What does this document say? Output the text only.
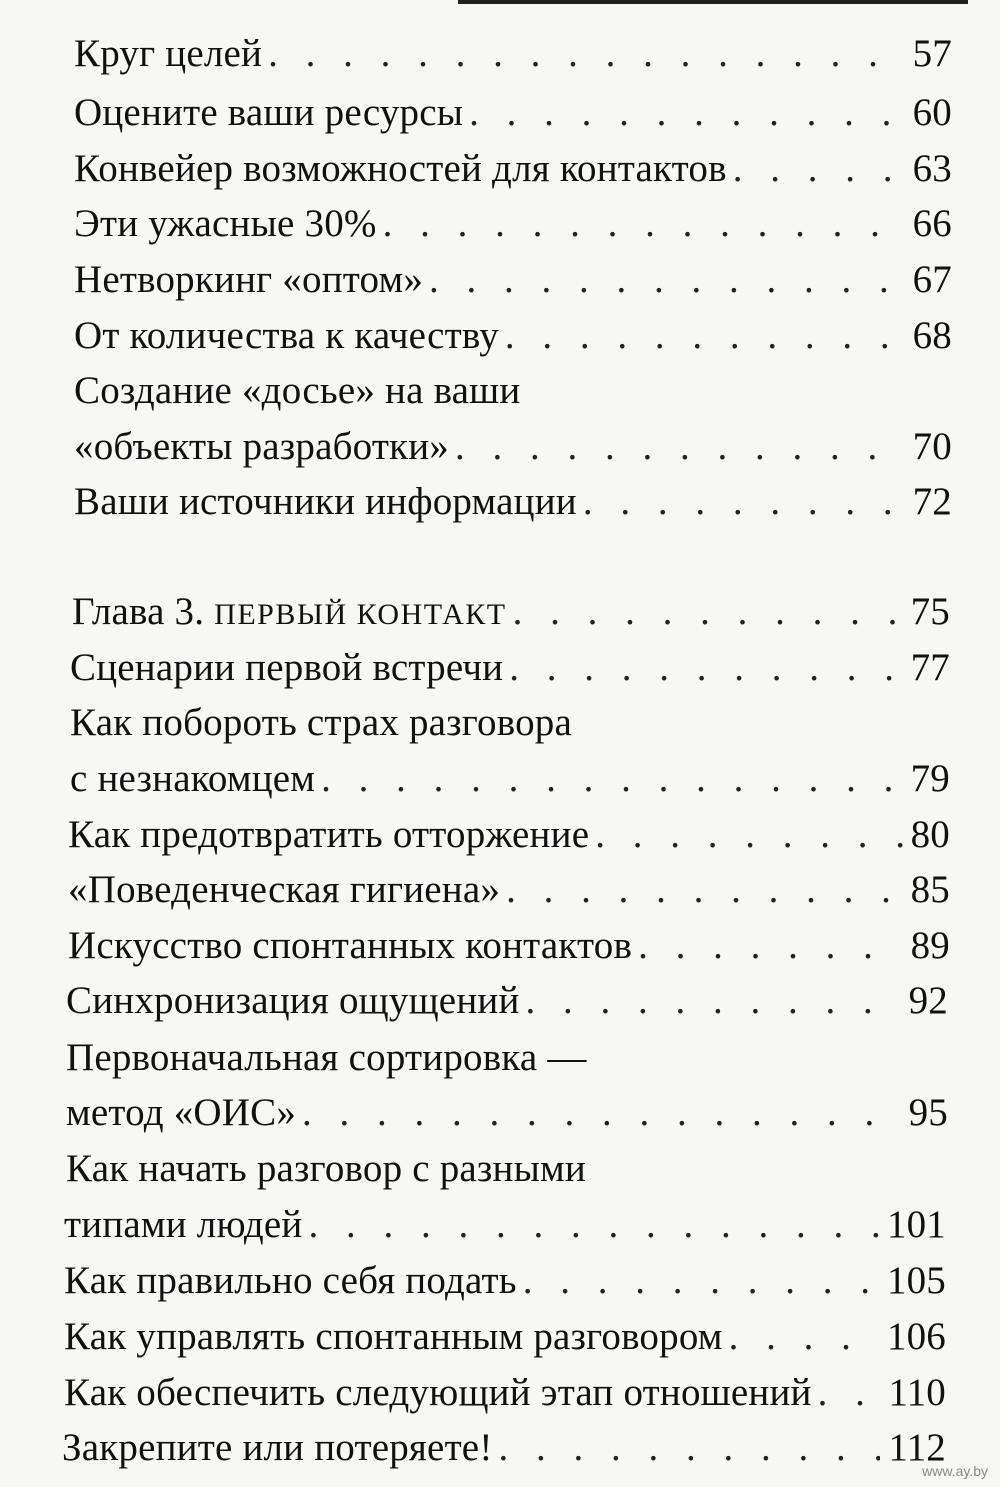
Круг целей . . .	57
Оцените ваши ресурсы . . .	60
Конвейер возможностей для контактов . . .	63
Эти ужасные 30% . . .	66
Нетворкинг «оптом» . . .	67
От количества к качеству . . .	68
Создание «досье» на ваши
«объекты разработки» . . .	70
Ваши источники информации . . .	72
Глава 3. ПЕРВЫЙ КОНТАКТ . . .	75
Сценарии первой встречи . . .	77
Как побороть страх разговора
с незнакомцем . . .	79
Как предотвратить отторжение . . .	80
«Поведенческая гигиена» . . .	85
Искусство спонтанных контактов . . .	89
Синхронизация ощущений . . .	92
Первоначальная сортировка —
метод «ОИС» . . .	95
Как начать разговор с разными
типами людей . . .	101
Как правильно себя подать . . .	105
Как управлять спонтанным разговором . . .	106
Как обеспечить следующий этап отношений . . . 110
Закрепите или потеряете! . . .	112
www.ay.by
